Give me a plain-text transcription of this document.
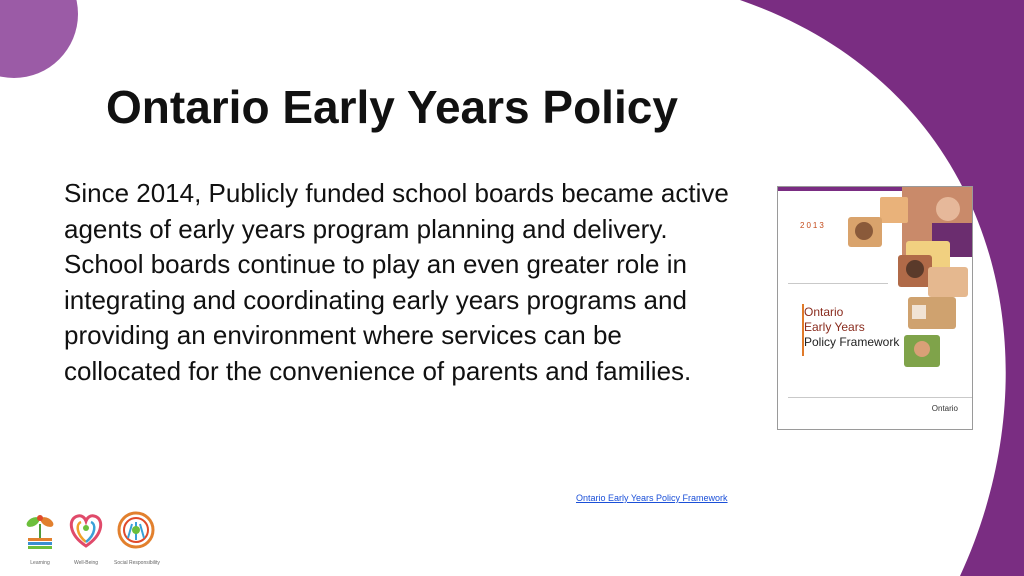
Ontario Early Years Policy

Since 2014, Publicly funded school boards became active agents of early years program planning and delivery. School boards continue to play an even greater role in integrating and coordinating early years programs and providing an environment where services can be collocated for the convenience of parents and families.

2013
Ontario
Early Years
Policy Framework
Ontario
Ontario Early Years Policy Framework
Learning	Well-Being	Social Responsibility
